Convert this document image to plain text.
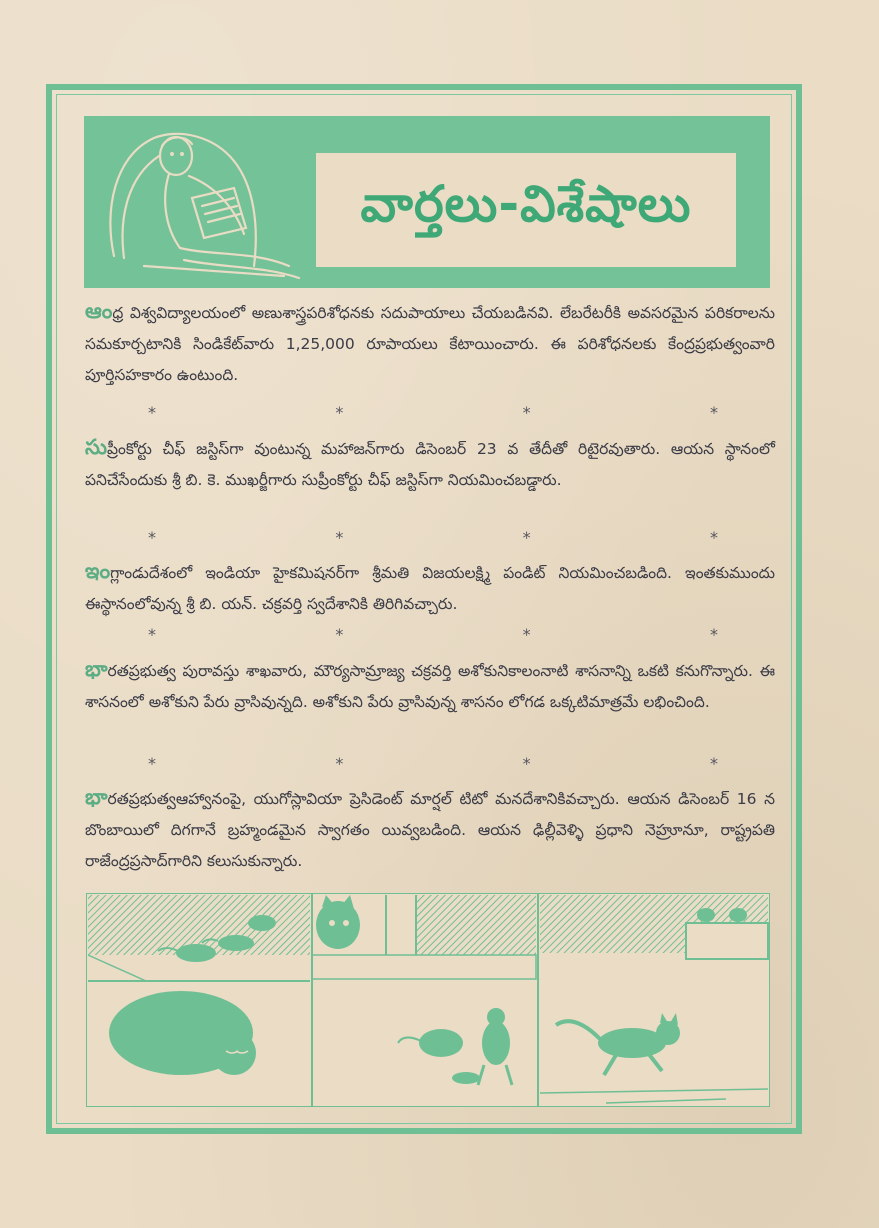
వార్తలు-విశేషాలు

ఆంధ్ర విశ్వవిద్యాలయంలో అణుశాస్త్రపరిశోధనకు సదుపాయాలు చేయబడినవి. లేబరేటరీకి అవసరమైన పరికరాలను సమకూర్చటానికి సిండికేట్‌వారు 1,25,000 రూపాయలు కేటాయించారు. ఈ పరిశోధనలకు కేంద్రప్రభుత్వంవారి పూర్తిసహకారం ఉంటుంది.

*	*	*	*

సుప్రీంకోర్టు చీఫ్ జస్టిస్‌గా వుంటున్న మహాజన్‌గారు డిసెంబర్ 23 వ తేదీతో రిటైరవుతారు. ఆయన స్థానంలో పనిచేసేందుకు శ్రీ బి. కె. ముఖర్జీగారు సుప్రీంకోర్టు చీఫ్ జస్టిస్‌గా నియమించబడ్డారు.

*	*	*	*

ఇంగ్లాండుదేశంలో ఇండియా హైకమిషనర్‌గా శ్రీమతి విజయలక్ష్మి పండిట్ నియమించబడింది. ఇంతకుముందు ఈస్థానంలోవున్న శ్రీ బి. యన్. చక్రవర్తి స్వదేశానికి తిరిగివచ్చారు.

*	*	*	*

భారతప్రభుత్వ పురావస్తు శాఖవారు, మౌర్యసామ్రాజ్య చక్రవర్తి అశోకునికాలంనాటి శాసనాన్ని ఒకటి కనుగొన్నారు. ఈ శాసనంలో అశోకుని పేరు వ్రాసివున్నది. అశోకుని పేరు వ్రాసివున్న శాసనం లోగడ ఒక్కటిమాత్రమే లభించింది.

*	*	*	*

భారతప్రభుత్వఆహ్వానంపై, యుగోస్లావియా ప్రెసిడెంట్ మార్షల్ టిటో మనదేశానికివచ్చారు. ఆయన డిసెంబర్ 16 న బొంబాయిలో దిగగానే బ్రహ్మండమైన స్వాగతం యివ్వబడింది. ఆయన ఢిల్లీవెళ్ళి ప్రధాని నెహ్రూనూ, రాష్ట్రపతి రాజేంద్రప్రసాద్‌గారిని కలుసుకున్నారు.
